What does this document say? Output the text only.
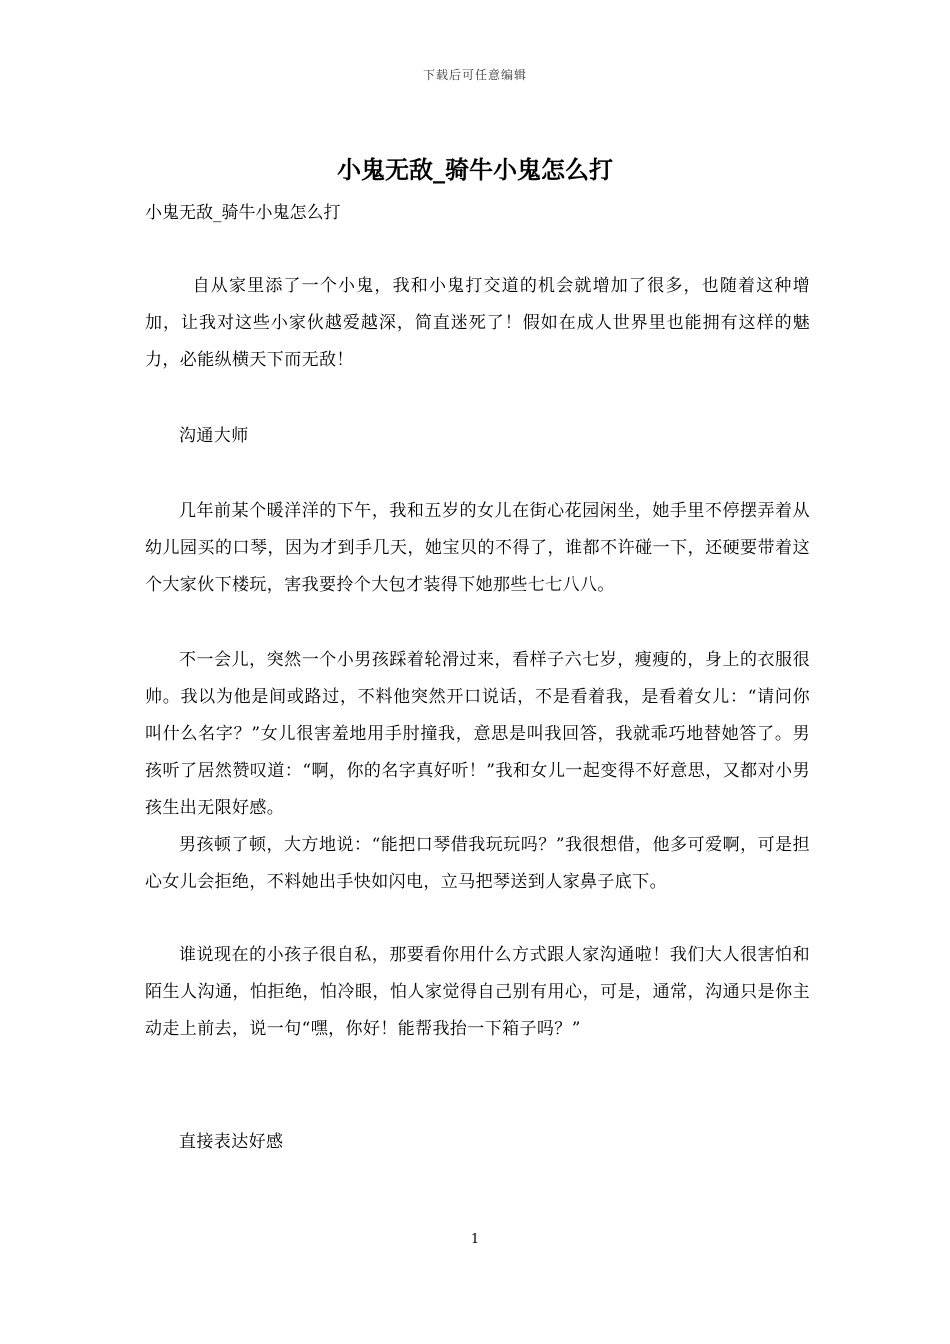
下载后可任意编辑
小鬼无敌_骑牛小鬼怎么打

小鬼无敌_骑牛小鬼怎么打

自从家里添了一个小鬼，我和小鬼打交道的机会就增加了很多，也随着这种增加，让我对这些小家伙越爱越深，简直迷死了！假如在成人世界里也能拥有这样的魅力，必能纵横天下而无敌！

沟通大师

几年前某个暖洋洋的下午，我和五岁的女儿在街心花园闲坐，她手里不停摆弄着从幼儿园买的口琴，因为才到手几天，她宝贝的不得了，谁都不许碰一下，还硬要带着这个大家伙下楼玩，害我要拎个大包才装得下她那些七七八八。

不一会儿，突然一个小男孩踩着轮滑过来，看样子六七岁，瘦瘦的，身上的衣服很帅。我以为他是间或路过，不料他突然开口说话，不是看着我，是看着女儿：“请问你叫什么名字？”女儿很害羞地用手肘撞我，意思是叫我回答，我就乖巧地替她答了。男孩听了居然赞叹道：“啊，你的名字真好听！”我和女儿一起变得不好意思，又都对小男孩生出无限好感。

男孩顿了顿，大方地说：“能把口琴借我玩玩吗？”我很想借，他多可爱啊，可是担心女儿会拒绝，不料她出手快如闪电，立马把琴送到人家鼻子底下。

谁说现在的小孩子很自私，那要看你用什么方式跟人家沟通啦！我们大人很害怕和陌生人沟通，怕拒绝，怕冷眼，怕人家觉得自己别有用心，可是，通常，沟通只是你主动走上前去，说一句“嘿，你好！能帮我抬一下箱子吗？”

直接表达好感

1
